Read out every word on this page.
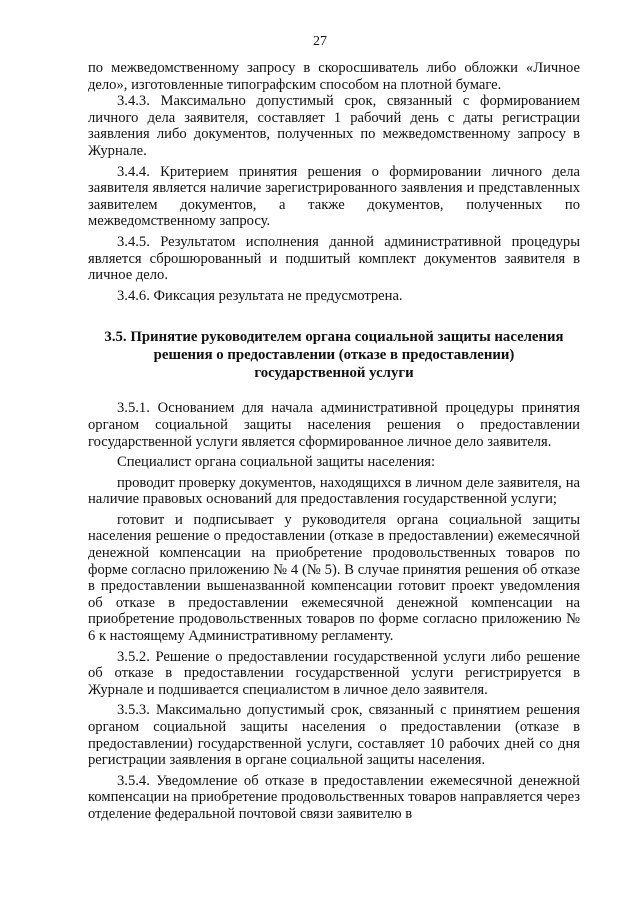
27

по межведомственному запросу в скоросшиватель либо обложки «Личное дело», изготовленные типографским способом на плотной бумаге.

3.4.3. Максимально допустимый срок, связанный с формированием личного дела заявителя, составляет 1 рабочий день с даты регистрации заявления либо документов, полученных по межведомственному запросу в Журнале.

3.4.4. Критерием принятия решения о формировании личного дела заявителя является наличие зарегистрированного заявления и представленных заявителем документов, а также документов, полученных по межведомственному запросу.

3.4.5. Результатом исполнения данной административной процедуры является сброшюрованный и подшитый комплект документов заявителя в личное дело.

3.4.6. Фиксация результата не предусмотрена.

3.5. Принятие руководителем органа социальной защиты населения решения о предоставлении (отказе в предоставлении) государственной услуги

3.5.1. Основанием для начала административной процедуры принятия органом социальной защиты населения решения о предоставлении государственной услуги является сформированное личное дело заявителя.

Специалист органа социальной защиты населения:

проводит проверку документов, находящихся в личном деле заявителя, на наличие правовых оснований для предоставления государственной услуги;

готовит и подписывает у руководителя органа социальной защиты населения решение о предоставлении (отказе в предоставлении) ежемесячной денежной компенсации на приобретение продовольственных товаров по форме согласно приложению № 4 (№ 5). В случае принятия решения об отказе в предоставлении вышеназванной компенсации готовит проект уведомления об отказе в предоставлении ежемесячной денежной компенсации на приобретение продовольственных товаров по форме согласно приложению № 6 к настоящему Административному регламенту.

3.5.2. Решение о предоставлении государственной услуги либо решение об отказе в предоставлении государственной услуги регистрируется в Журнале и подшивается специалистом в личное дело заявителя.

3.5.3. Максимально допустимый срок, связанный с принятием решения органом социальной защиты населения о предоставлении (отказе в предоставлении) государственной услуги, составляет 10 рабочих дней со дня регистрации заявления в органе социальной защиты населения.

3.5.4. Уведомление об отказе в предоставлении ежемесячной денежной компенсации на приобретение продовольственных товаров направляется через отделение федеральной почтовой связи заявителю в
